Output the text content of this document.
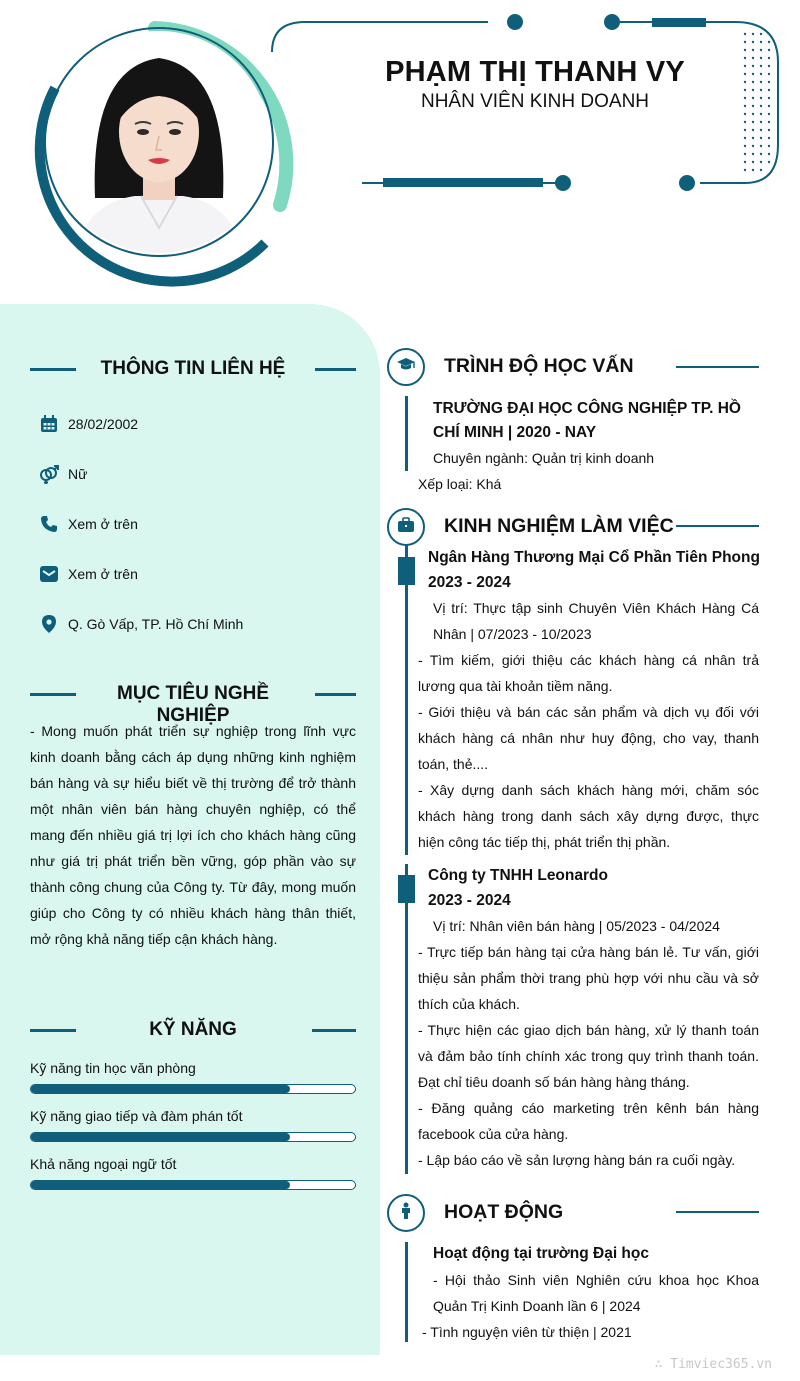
PHẠM THỊ THANH VY
NHÂN VIÊN KINH DOANH
THÔNG TIN LIÊN HỆ
28/02/2002
Nữ
Xem ở trên
Xem ở trên
Q. Gò Vấp, TP. Hồ Chí Minh
MỤC TIÊU NGHỀ NGHIỆP
- Mong muốn phát triển sự nghiệp trong lĩnh vực kinh doanh bằng cách áp dụng những kinh nghiệm bán hàng và sự hiểu biết về thị trường để trở thành một nhân viên bán hàng chuyên nghiệp, có thể mang đến nhiều giá trị lợi ích cho khách hàng cũng như giá trị phát triển bền vững, góp phần vào sự thành công chung của Công ty. Từ đây, mong muốn giúp cho Công ty có nhiều khách hàng thân thiết, mở rộng khả năng tiếp cận khách hàng.
KỸ NĂNG
Kỹ năng tin học văn phòng
Kỹ năng giao tiếp và đàm phán tốt
Khả năng ngoại ngữ tốt
TRÌNH ĐỘ HỌC VẤN
TRƯỜNG ĐẠI HỌC CÔNG NGHIỆP TP. HỒ CHÍ MINH | 2020 - NAY
Chuyên ngành: Quản trị kinh doanh
Xếp loại: Khá
KINH NGHIỆM LÀM VIỆC
Ngân Hàng Thương Mại Cổ Phần Tiên Phong
2023 - 2024
Vị trí: Thực tập sinh Chuyên Viên Khách Hàng Cá Nhân | 07/2023 - 10/2023
- Tìm kiếm, giới thiệu các khách hàng cá nhân trả lương qua tài khoản tiềm năng.
- Giới thiệu và bán các sản phẩm và dịch vụ đối với khách hàng cá nhân như huy động, cho vay, thanh toán, thẻ....
- Xây dựng danh sách khách hàng mới, chăm sóc khách hàng trong danh sách xây dựng được, thực hiện công tác tiếp thị, phát triển thị phần.
Công ty TNHH Leonardo
2023 - 2024
Vị trí: Nhân viên bán hàng | 05/2023 - 04/2024
- Trực tiếp bán hàng tại cửa hàng bán lẻ. Tư vấn, giới thiệu sản phẩm thời trang phù hợp với nhu cầu và sở thích của khách.
- Thực hiện các giao dịch bán hàng, xử lý thanh toán và đảm bảo tính chính xác trong quy trình thanh toán. Đạt chỉ tiêu doanh số bán hàng hàng tháng.
- Đăng quảng cáo marketing trên kênh bán hàng facebook của cửa hàng.
- Lập báo cáo về sản lượng hàng bán ra cuối ngày.
HOẠT ĐỘNG
Hoạt động tại trường Đại học
- Hội thảo Sinh viên Nghiên cứu khoa học Khoa Quản Trị Kinh Doanh lần 6 | 2024
- Tình nguyện viên từ thiện | 2021
∴ Timviec365.vn
